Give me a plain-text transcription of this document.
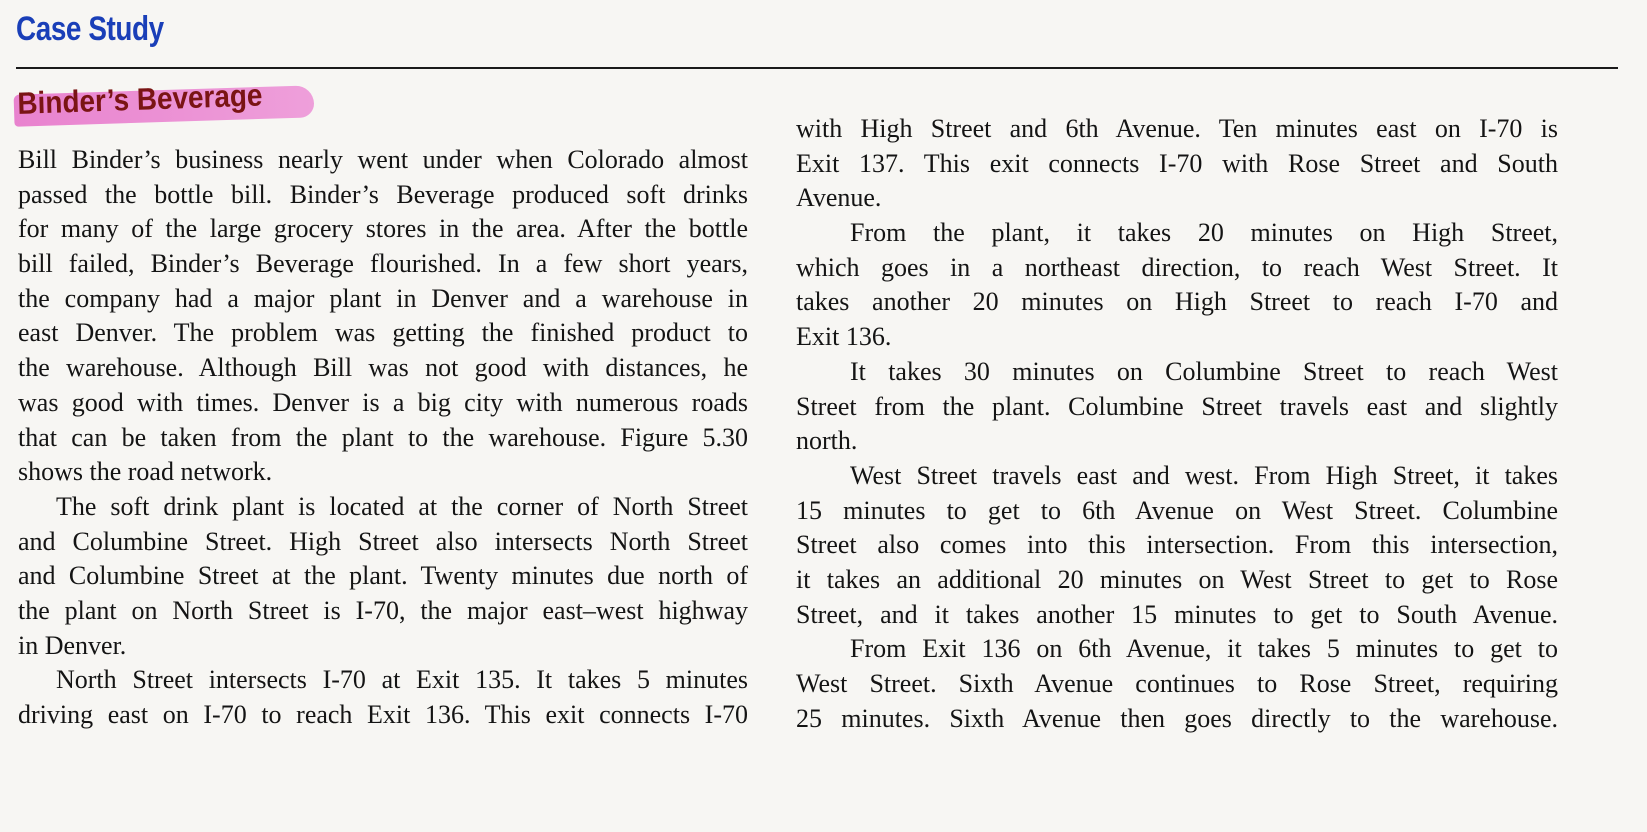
Case Study
Binder’s Beverage
Bill Binder’s business nearly went under when Colorado almost
passed the bottle bill. Binder’s Beverage produced soft drinks
for many of the large grocery stores in the area. After the bottle
bill failed, Binder’s Beverage flourished. In a few short years,
the company had a major plant in Denver and a warehouse in
east Denver. The problem was getting the finished product to
the warehouse. Although Bill was not good with distances, he
was good with times. Denver is a big city with numerous roads
that can be taken from the plant to the warehouse. Figure 5.30
shows the road network.
The soft drink plant is located at the corner of North Street
and Columbine Street. High Street also intersects North Street
and Columbine Street at the plant. Twenty minutes due north of
the plant on North Street is I-70, the major east–west highway
in Denver.
North Street intersects I-70 at Exit 135. It takes 5 minutes
driving east on I-70 to reach Exit 136. This exit connects I-70
with High Street and 6th Avenue. Ten minutes east on I-70 is
Exit 137. This exit connects I-70 with Rose Street and South
Avenue.
From the plant, it takes 20 minutes on High Street,
which goes in a northeast direction, to reach West Street. It
takes another 20 minutes on High Street to reach I-70 and
Exit 136.
It takes 30 minutes on Columbine Street to reach West
Street from the plant. Columbine Street travels east and slightly
north.
West Street travels east and west. From High Street, it takes
15 minutes to get to 6th Avenue on West Street. Columbine
Street also comes into this intersection. From this intersection,
it takes an additional 20 minutes on West Street to get to Rose
Street, and it takes another 15 minutes to get to South Avenue.
From Exit 136 on 6th Avenue, it takes 5 minutes to get to
West Street. Sixth Avenue continues to Rose Street, requiring
25 minutes. Sixth Avenue then goes directly to the warehouse.
